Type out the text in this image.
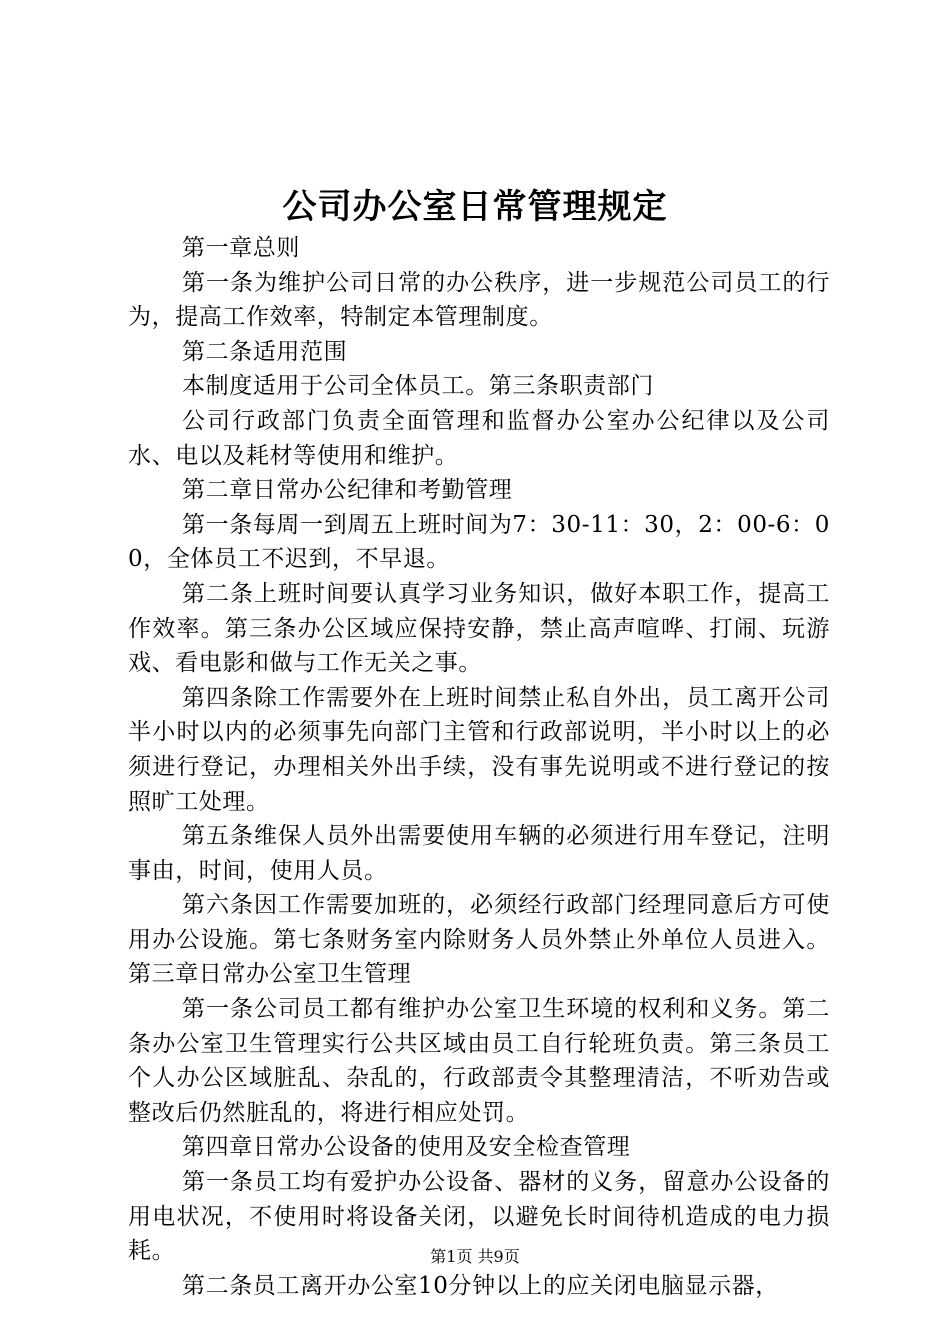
公司办公室日常管理规定

第一章总则

第一条为维护公司日常的办公秩序，进一步规范公司员工的行为，提高工作效率，特制定本管理制度。

第二条适用范围

本制度适用于公司全体员工。第三条职责部门

公司行政部门负责全面管理和监督办公室办公纪律以及公司水、电以及耗材等使用和维护。

第二章日常办公纪律和考勤管理

第一条每周一到周五上班时间为7：30-11：30，2：00-6：00，全体员工不迟到，不早退。

第二条上班时间要认真学习业务知识，做好本职工作，提高工作效率。第三条办公区域应保持安静，禁止高声喧哗、打闹、玩游戏、看电影和做与工作无关之事。

第四条除工作需要外在上班时间禁止私自外出，员工离开公司半小时以内的必须事先向部门主管和行政部说明，半小时以上的必须进行登记，办理相关外出手续，没有事先说明或不进行登记的按照旷工处理。

第五条维保人员外出需要使用车辆的必须进行用车登记，注明事由，时间，使用人员。

第六条因工作需要加班的，必须经行政部门经理同意后方可使用办公设施。第七条财务室内除财务人员外禁止外单位人员进入。第三章日常办公室卫生管理

第一条公司员工都有维护办公室卫生环境的权利和义务。第二条办公室卫生管理实行公共区域由员工自行轮班负责。第三条员工个人办公区域脏乱、杂乱的，行政部责令其整理清洁，不听劝告或整改后仍然脏乱的，将进行相应处罚。

第四章日常办公设备的使用及安全检查管理

第一条员工均有爱护办公设备、器材的义务，留意办公设备的用电状况，不使用时将设备关闭，以避免长时间待机造成的电力损耗。

第二条员工离开办公室10分钟以上的应关闭电脑显示器，

第1页 共9页
